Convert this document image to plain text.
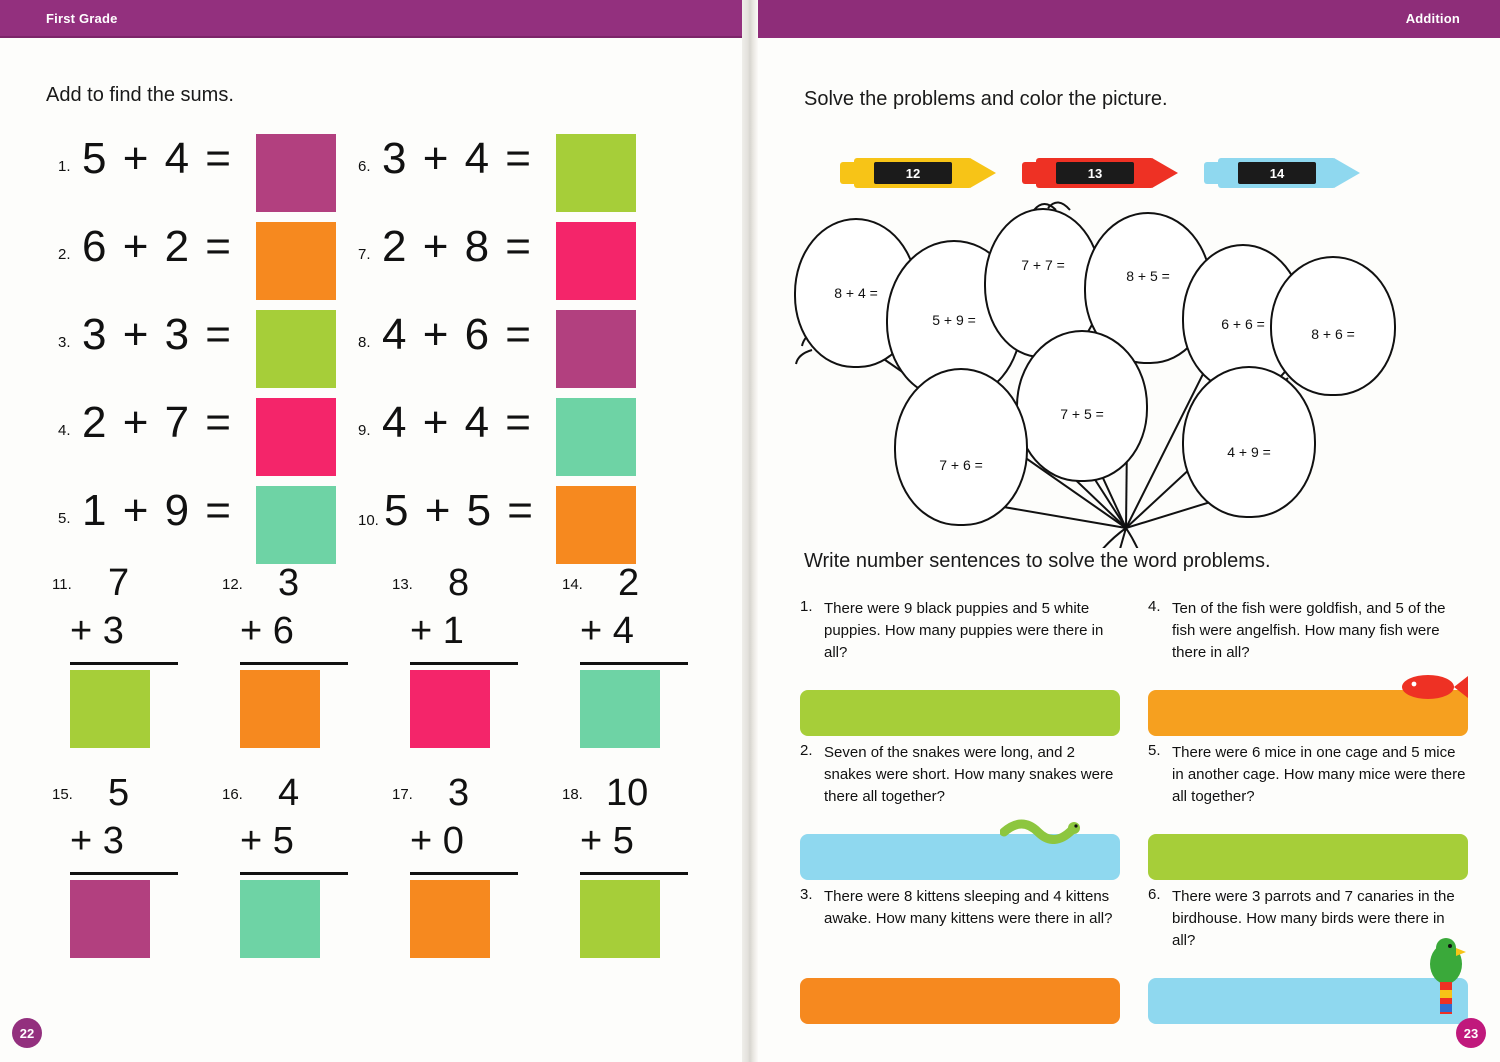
First Grade	Addition
Add to find the sums.
1. 5 + 4 =
2. 6 + 2 =
3. 3 + 3 =
4. 2 + 7 =
5. 1 + 9 =
6. 3 + 4 =
7. 2 + 8 =
8. 4 + 6 =
9. 4 + 4 =
10. 5 + 5 =
11. 7
+ 3
12. 3
+ 6
13. 8
+ 1
14. 2
+ 4
15. 5
+ 3
16. 4
+ 5
17. 3
+ 0
18. 10
+ 5
Solve the problems and color the picture.
12	13	14
8 + 4 =
5 + 9 =
7 + 7 =
8 + 5 =
6 + 6 =
8 + 6 =
7 + 5 =
7 + 6 =
4 + 9 =
Write number sentences to solve the word problems.
1. There were 9 black puppies and 5 white puppies. How many puppies were there in all?
2. Seven of the snakes were long, and 2 snakes were short. How many snakes were there all together?
3. There were 8 kittens sleeping and 4 kittens awake. How many kittens were there in all?
4. Ten of the fish were goldfish, and 5 of the fish were angelfish. How many fish were there in all?
5. There were 6 mice in one cage and 5 mice in another cage. How many mice were there all together?
6. There were 3 parrots and 7 canaries in the birdhouse. How many birds were there in all?
22	23
